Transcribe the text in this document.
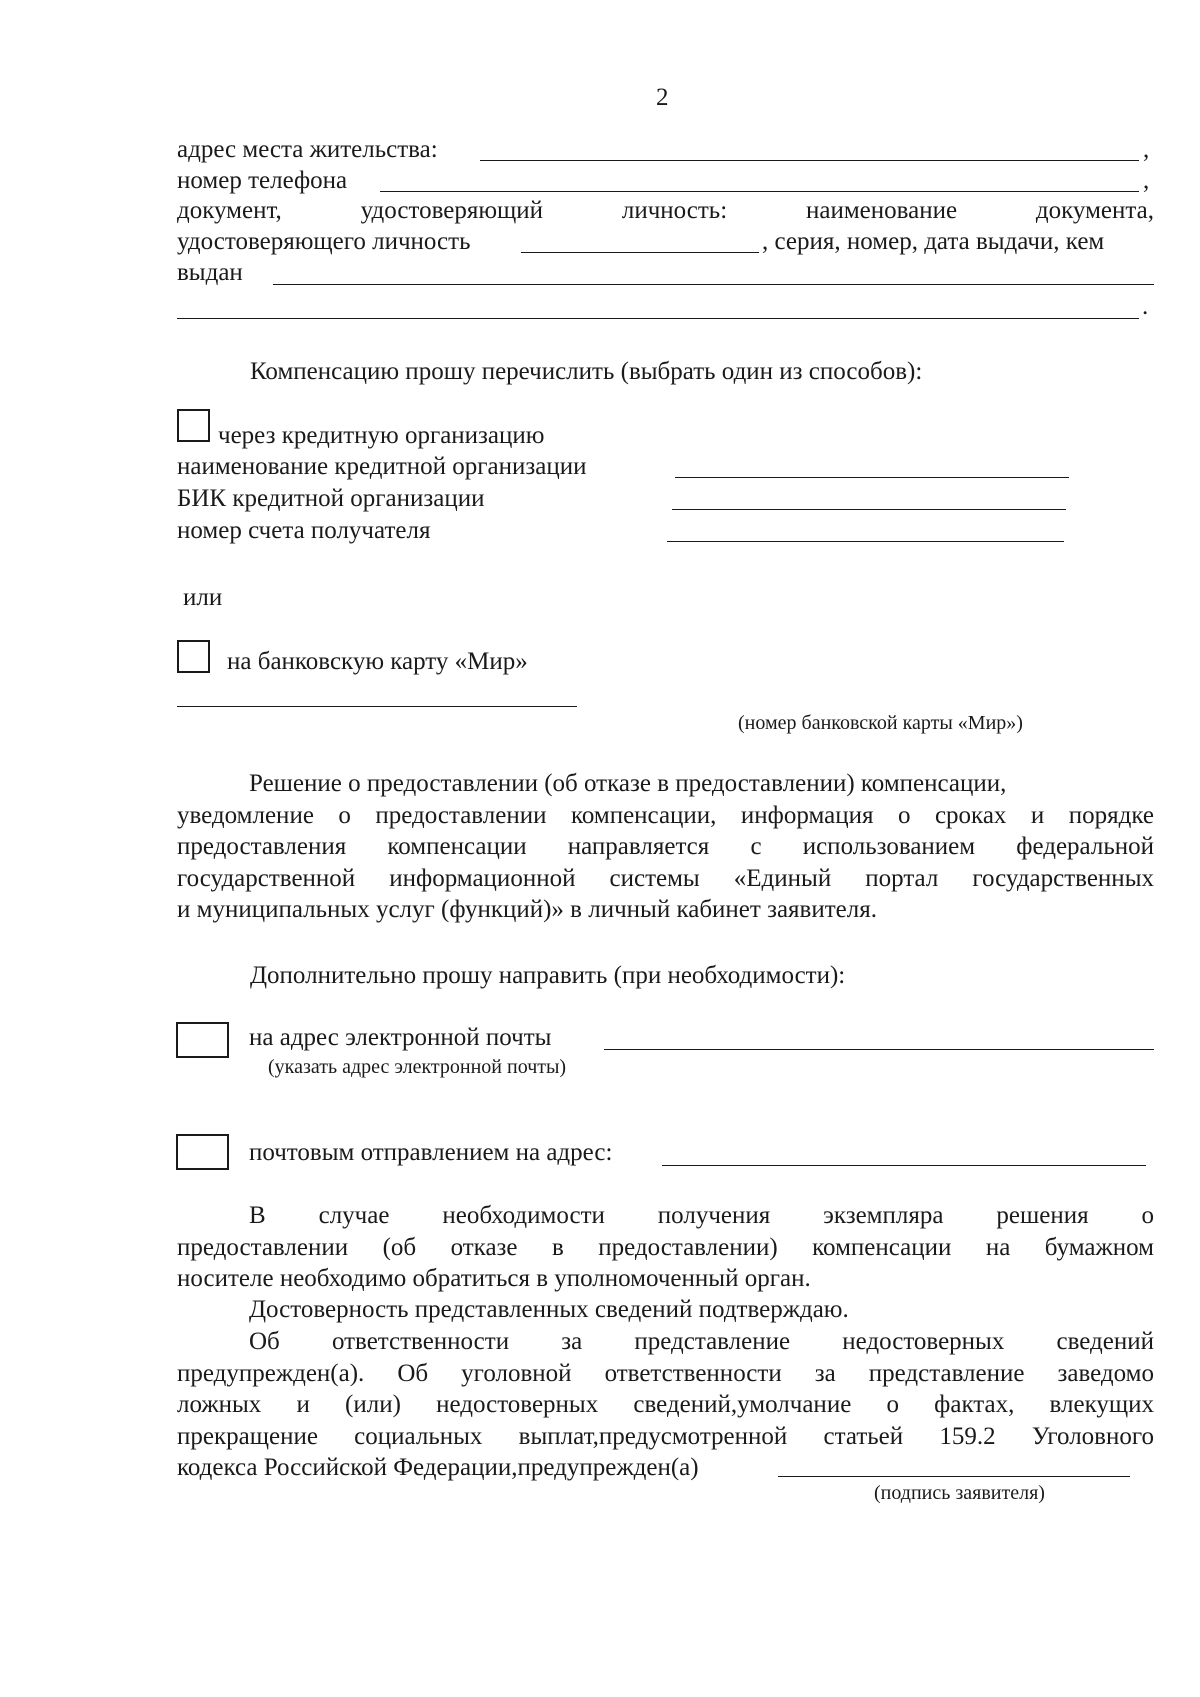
2
адрес места жительства:	,
номер телефона	,
документ,	удостоверяющий	личность:	наименование	документа,
удостоверяющего личность	, серия, номер, дата выдачи, кем
выдан
.
Компенсацию прошу перечислить (выбрать один из способов):
через кредитную организацию
наименование кредитной организации
БИК кредитной организации
номер счета получателя
или
на банковскую карту «Мир»
(номер банковской карты «Мир»)
Решение о предоставлении (об отказе в предоставлении) компенсации,
уведомление о предоставлении компенсации, информация о сроках и порядке
предоставления компенсации направляется с использованием федеральной
государственной информационной системы «Единый портал государственных
и муниципальных услуг (функций)» в личный кабинет заявителя.
Дополнительно прошу направить (при необходимости):
на адрес электронной почты
(указать адрес электронной почты)
почтовым отправлением на адрес:
В случае необходимости получения экземпляра решения о
предоставлении (об отказе в предоставлении) компенсации на бумажном
носителе необходимо обратиться в уполномоченный орган.
Достоверность представленных сведений подтверждаю.
Об ответственности за представление недостоверных сведений
предупрежден(а). Об уголовной ответственности за представление заведомо
ложных и (или) недостоверных сведений,умолчание о фактах, влекущих
прекращение социальных выплат,предусмотренной статьей 159.2 Уголовного
кодекса Российской Федерации,предупрежден(а)
(подпись заявителя)
